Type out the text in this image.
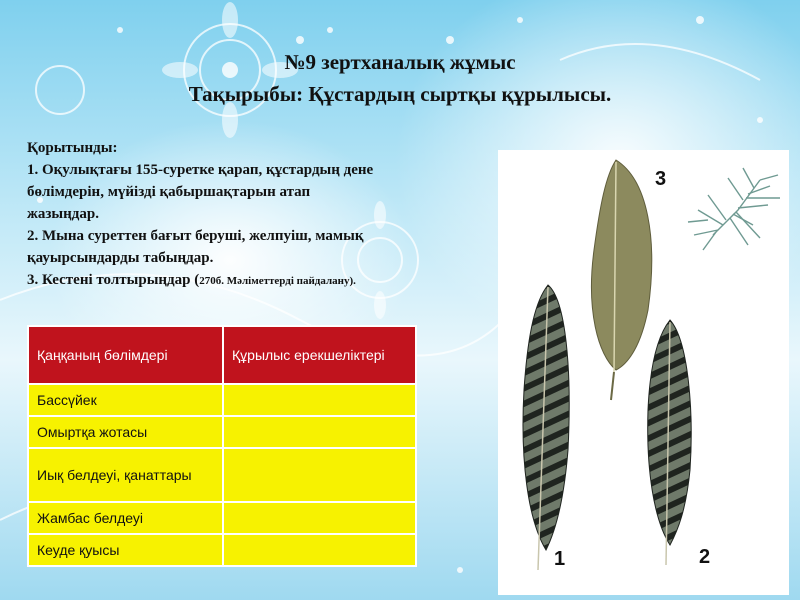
№9 зертханалық жұмыс
Тақырыбы: Құстардың сыртқы құрылысы.
Қорытынды:
1. Оқулықтағы 155-суретке қарап, құстардың дене
бөлімдерін, мүйізді қабыршақтарын атап
жазыңдар.
2. Мына суреттен бағыт беруші, желпуіш, мамық
қауырсындарды табыңдар.
3. Кестені толтырыңдар (270б. Мәліметтерді пайдалану).
Қаңқаның бөлімдері	Құрылыс ерекшеліктері
Бассүйек	
Омыртқа жотасы	
Иық белдеуі, қанаттары	
Жамбас белдеуі	
Кеуде қуысы	
3
1	2
